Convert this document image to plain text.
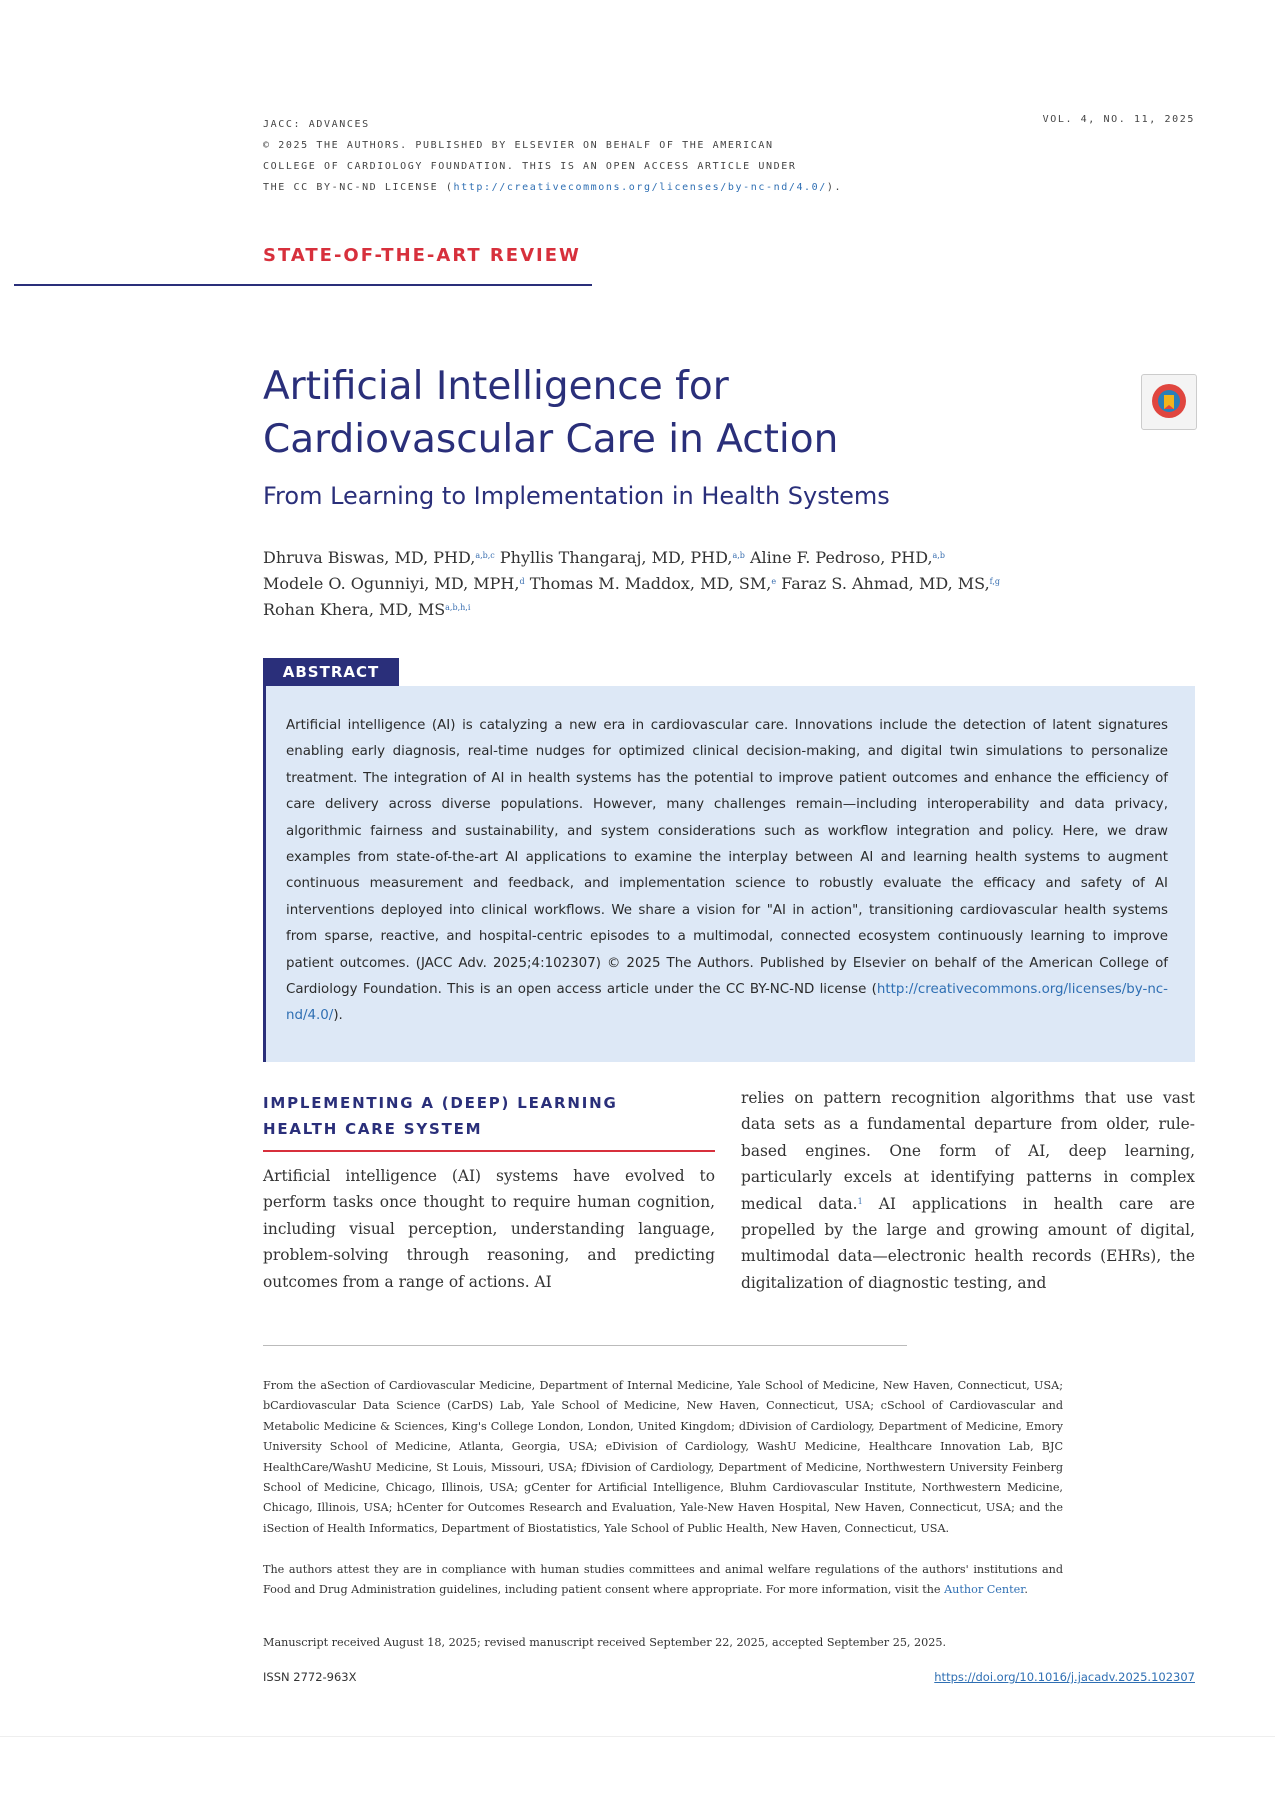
JACC: ADVANCES
© 2025 THE AUTHORS. PUBLISHED BY ELSEVIER ON BEHALF OF THE AMERICAN
COLLEGE OF CARDIOLOGY FOUNDATION. THIS IS AN OPEN ACCESS ARTICLE UNDER
THE CC BY-NC-ND LICENSE (http://creativecommons.org/licenses/by-nc-nd/4.0/).
VOL. 4, NO. 11, 2025
STATE-OF-THE-ART REVIEW
Artificial Intelligence for
Cardiovascular Care in Action
From Learning to Implementation in Health Systems
Dhruva Biswas, MD, PHD,$^{a,b,c}$ Phyllis Thangaraj, MD, PHD,$^{a,b}$ Aline F. Pedroso, PHD,$^{a,b}$
Modele O. Ogunniyi, MD, MPH,$^d$ Thomas M. Maddox, MD, SM,$^e$ Faraz S. Ahmad, MD, MS,$^{f,g}$
Rohan Khera, MD, MS$^{a,b,h,i}$
ABSTRACT

Artificial intelligence (AI) is catalyzing a new era in cardiovascular care. Innovations include the detection of latent signatures enabling early diagnosis, real-time nudges for optimized clinical decision-making, and digital twin simulations to personalize treatment. The integration of AI in health systems has the potential to improve patient outcomes and enhance the efficiency of care delivery across diverse populations. However, many challenges remain—including interoperability and data privacy, algorithmic fairness and sustainability, and system considerations such as workflow integration and policy. Here, we draw examples from state-of-the-art AI applications to examine the interplay between AI and learning health systems to augment continuous measurement and feedback, and implementation science to robustly evaluate the efficacy and safety of AI interventions deployed into clinical workflows. We share a vision for "AI in action", transitioning cardiovascular health systems from sparse, reactive, and hospital-centric episodes to a multimodal, connected ecosystem continuously learning to improve patient outcomes. (JACC Adv. 2025;4:102307) © 2025 The Authors. Published by Elsevier on behalf of the American College of Cardiology Foundation. This is an open access article under the CC BY-NC-ND license (http://creativecommons.org/licenses/by-nc-nd/4.0/).

IMPLEMENTING A (DEEP) LEARNING
HEALTH CARE SYSTEM

Artificial intelligence (AI) systems have evolved to perform tasks once thought to require human cognition, including visual perception, understanding language, problem-solving through reasoning, and predicting outcomes from a range of actions. AI

relies on pattern recognition algorithms that use vast data sets as a fundamental departure from older, rule-based engines. One form of AI, deep learning, particularly excels at identifying patterns in complex medical data.$^1$ AI applications in health care are propelled by the large and growing amount of digital, multimodal data—electronic health records (EHRs), the digitalization of diagnostic testing, and

From the aSection of Cardiovascular Medicine, Department of Internal Medicine, Yale School of Medicine, New Haven, Connecticut, USA; bCardiovascular Data Science (CarDS) Lab, Yale School of Medicine, New Haven, Connecticut, USA; cSchool of Cardiovascular and Metabolic Medicine & Sciences, King's College London, London, United Kingdom; dDivision of Cardiology, Department of Medicine, Emory University School of Medicine, Atlanta, Georgia, USA; eDivision of Cardiology, WashU Medicine, Healthcare Innovation Lab, BJC HealthCare/WashU Medicine, St Louis, Missouri, USA; fDivision of Cardiology, Department of Medicine, Northwestern University Feinberg School of Medicine, Chicago, Illinois, USA; gCenter for Artificial Intelligence, Bluhm Cardiovascular Institute, Northwestern Medicine, Chicago, Illinois, USA; hCenter for Outcomes Research and Evaluation, Yale-New Haven Hospital, New Haven, Connecticut, USA; and the iSection of Health Informatics, Department of Biostatistics, Yale School of Public Health, New Haven, Connecticut, USA.

The authors attest they are in compliance with human studies committees and animal welfare regulations of the authors' institutions and Food and Drug Administration guidelines, including patient consent where appropriate. For more information, visit the Author Center.

Manuscript received August 18, 2025; revised manuscript received September 22, 2025, accepted September 25, 2025.
ISSN 2772-963X	https://doi.org/10.1016/j.jacadv.2025.102307
